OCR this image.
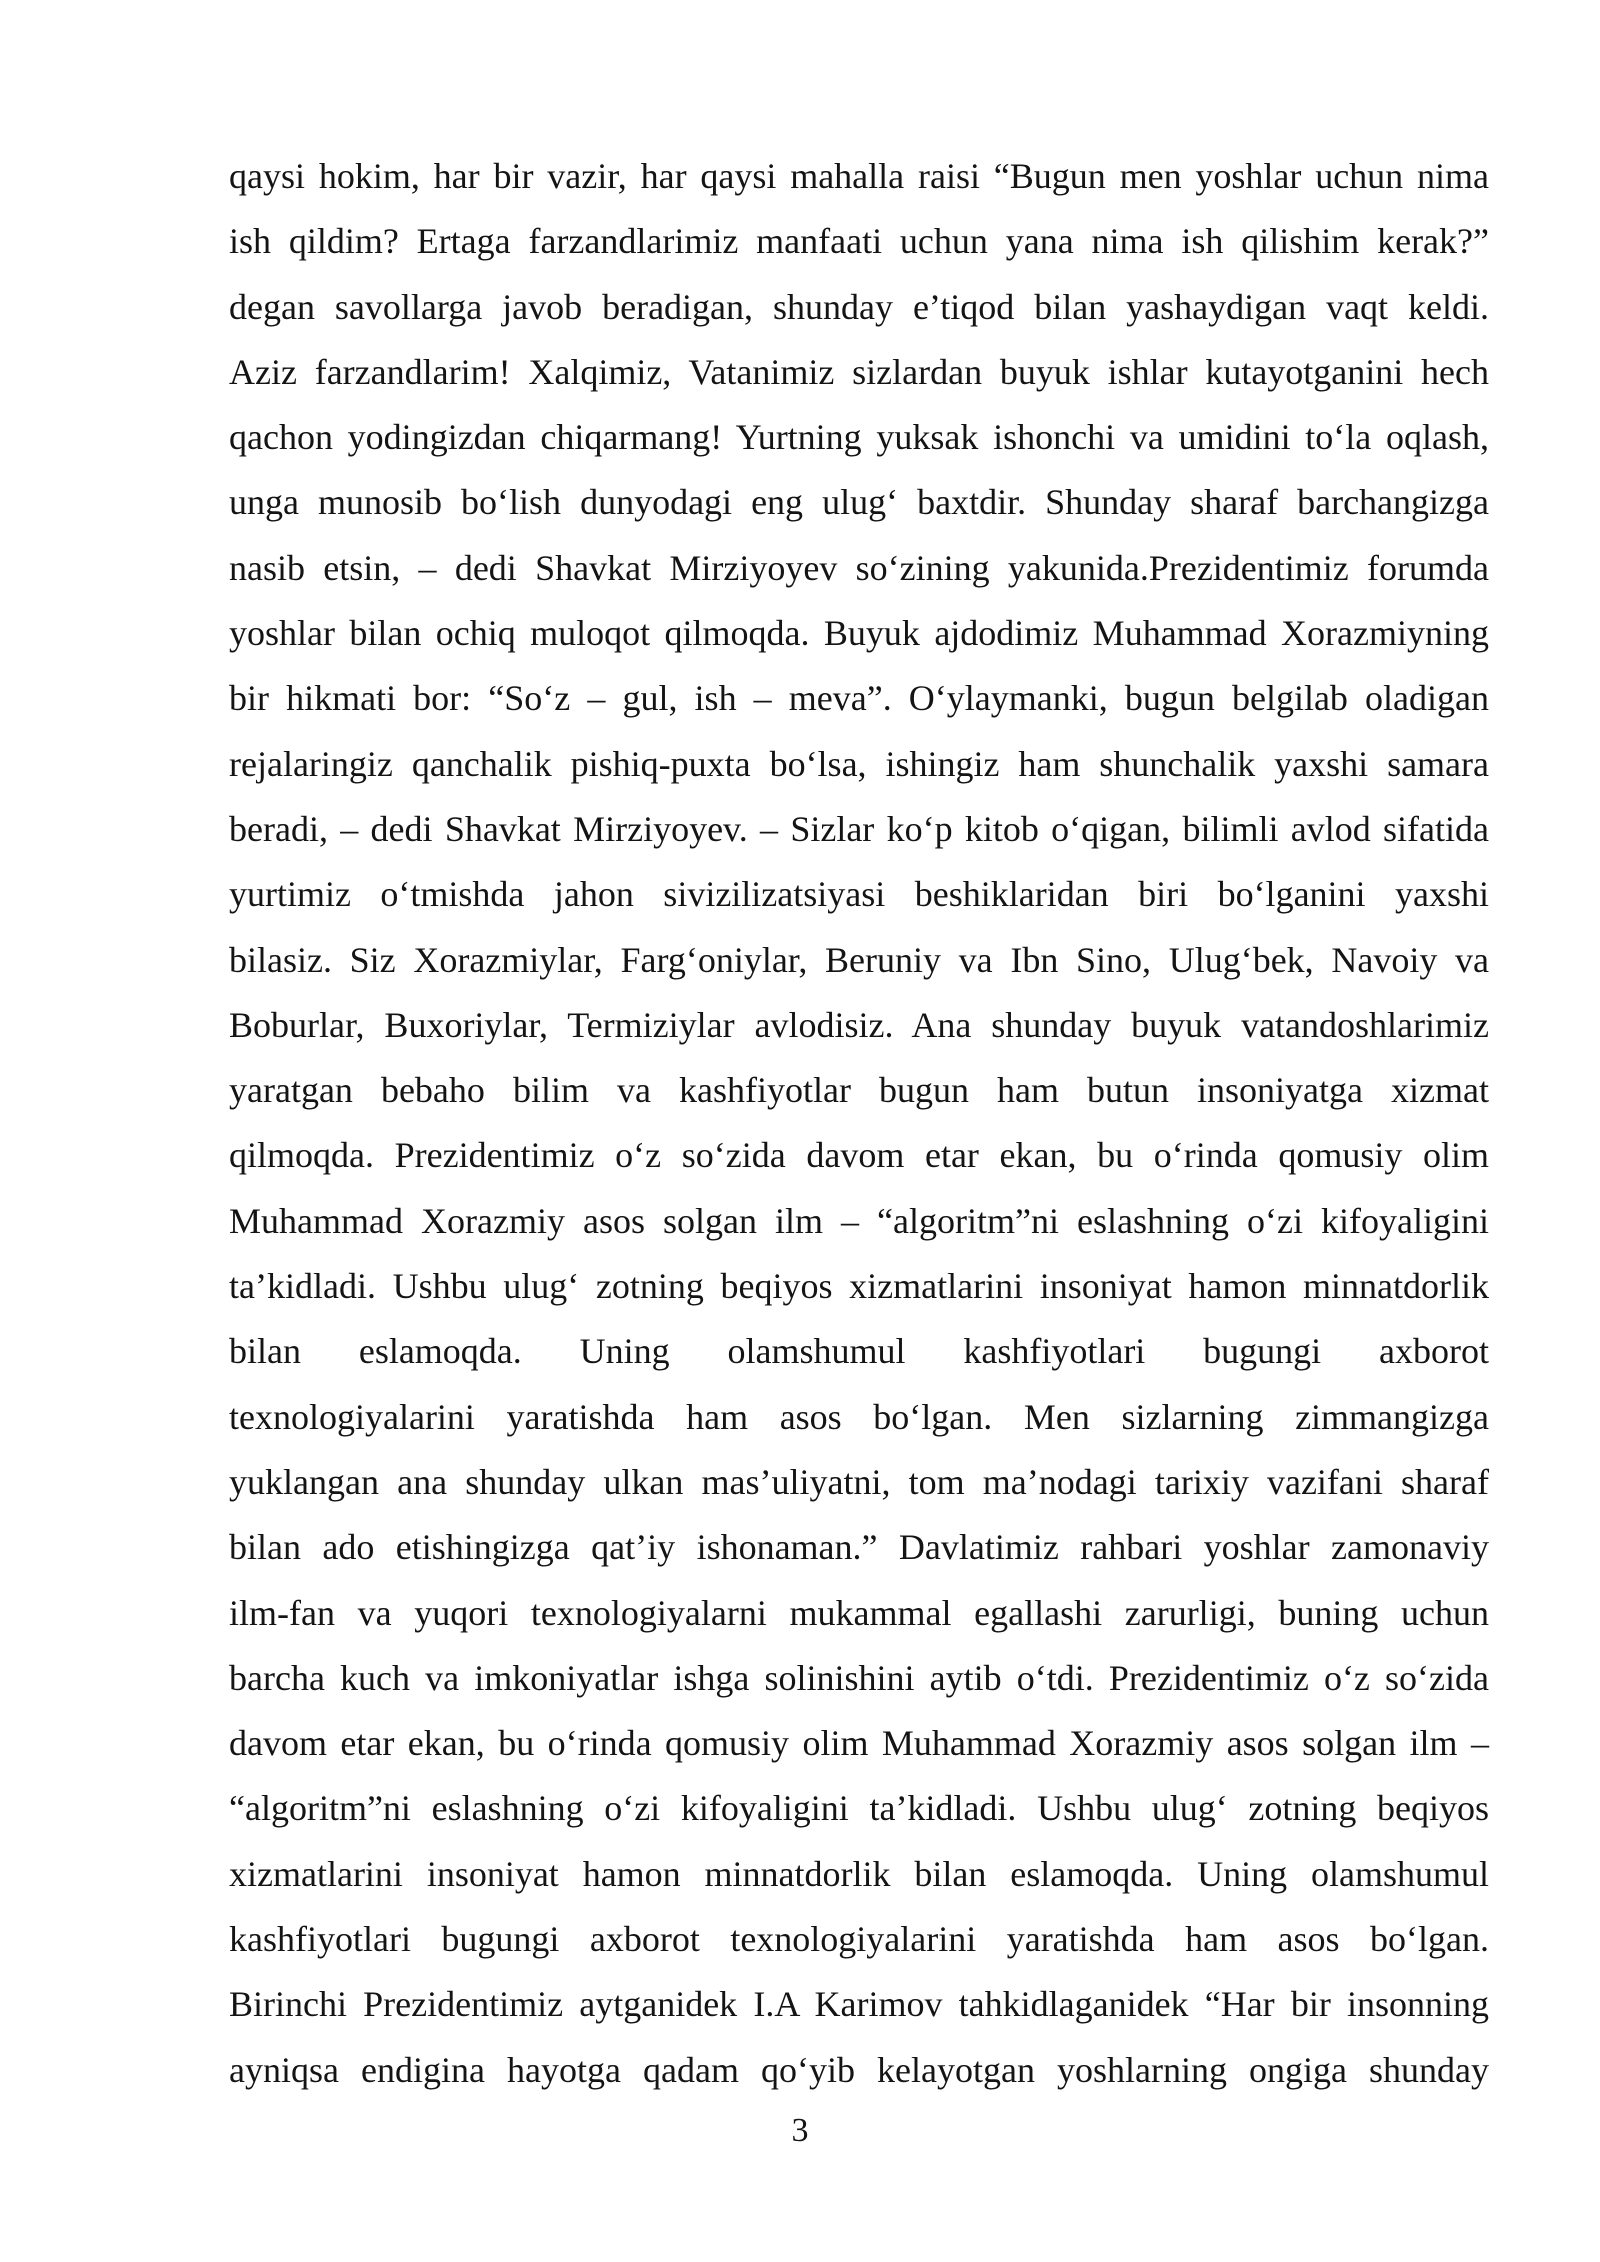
qaysi hokim, har bir vazir, har qaysi mahalla raisi “Bugun men yoshlar uchun nima
ish qildim? Ertaga farzandlarimiz manfaati uchun yana nima ish qilishim kerak?”
degan savollarga javob beradigan, shunday e’tiqod bilan yashaydigan vaqt keldi.
Aziz farzandlarim! Xalqimiz, Vatanimiz sizlardan buyuk ishlar kutayotganini hech
qachon yodingizdan chiqarmang! Yurtning yuksak ishonchi va umidini to‘la oqlash,
unga munosib bo‘lish dunyodagi eng ulug‘ baxtdir. Shunday sharaf barchangizga
nasib etsin, – dedi Shavkat Mirziyoyev so‘zining yakunida.Prezidentimiz forumda
yoshlar bilan ochiq muloqot qilmoqda. Buyuk ajdodimiz Muhammad Xorazmiyning
bir hikmati bor: “So‘z – gul, ish – meva”. O‘ylaymanki, bugun belgilab oladigan
rejalaringiz qanchalik pishiq-puxta bo‘lsa, ishingiz ham shunchalik yaxshi samara
beradi, – dedi Shavkat Mirziyoyev. – Sizlar ko‘p kitob o‘qigan, bilimli avlod sifatida
yurtimiz o‘tmishda jahon sivizilizatsiyasi beshiklaridan biri bo‘lganini yaxshi
bilasiz. Siz Xorazmiylar, Farg‘oniylar, Beruniy va Ibn Sino, Ulug‘bek, Navoiy va
Boburlar, Buxoriylar, Termiziylar avlodisiz. Ana shunday buyuk vatandoshlarimiz
yaratgan bebaho bilim va kashfiyotlar bugun ham butun insoniyatga xizmat
qilmoqda. Prezidentimiz o‘z so‘zida davom etar ekan, bu o‘rinda qomusiy olim
Muhammad Xorazmiy asos solgan ilm – “algoritm”ni eslashning o‘zi kifoyaligini
ta’kidladi. Ushbu ulug‘ zotning beqiyos xizmatlarini insoniyat hamon minnatdorlik
bilan eslamoqda. Uning olamshumul kashfiyotlari bugungi axborot
texnologiyalarini yaratishda ham asos bo‘lgan. Men sizlarning zimmangizga
yuklangan ana shunday ulkan mas’uliyatni, tom ma’nodagi tarixiy vazifani sharaf
bilan ado etishingizga qat’iy ishonaman.” Davlatimiz rahbari yoshlar zamonaviy
ilm-fan va yuqori texnologiyalarni mukammal egallashi zarurligi, buning uchun
barcha kuch va imkoniyatlar ishga solinishini aytib o‘tdi. Prezidentimiz o‘z so‘zida
davom etar ekan, bu o‘rinda qomusiy olim Muhammad Xorazmiy asos solgan ilm –
“algoritm”ni eslashning o‘zi kifoyaligini ta’kidladi. Ushbu ulug‘ zotning beqiyos
xizmatlarini insoniyat hamon minnatdorlik bilan eslamoqda. Uning olamshumul
kashfiyotlari bugungi axborot texnologiyalarini yaratishda ham asos bo‘lgan.
Birinchi Prezidentimiz aytganidek I.A Karimov tahkidlaganidek “Har bir insonning
ayniqsa endigina hayotga qadam qo‘yib kelayotgan yoshlarning ongiga shunday
3
